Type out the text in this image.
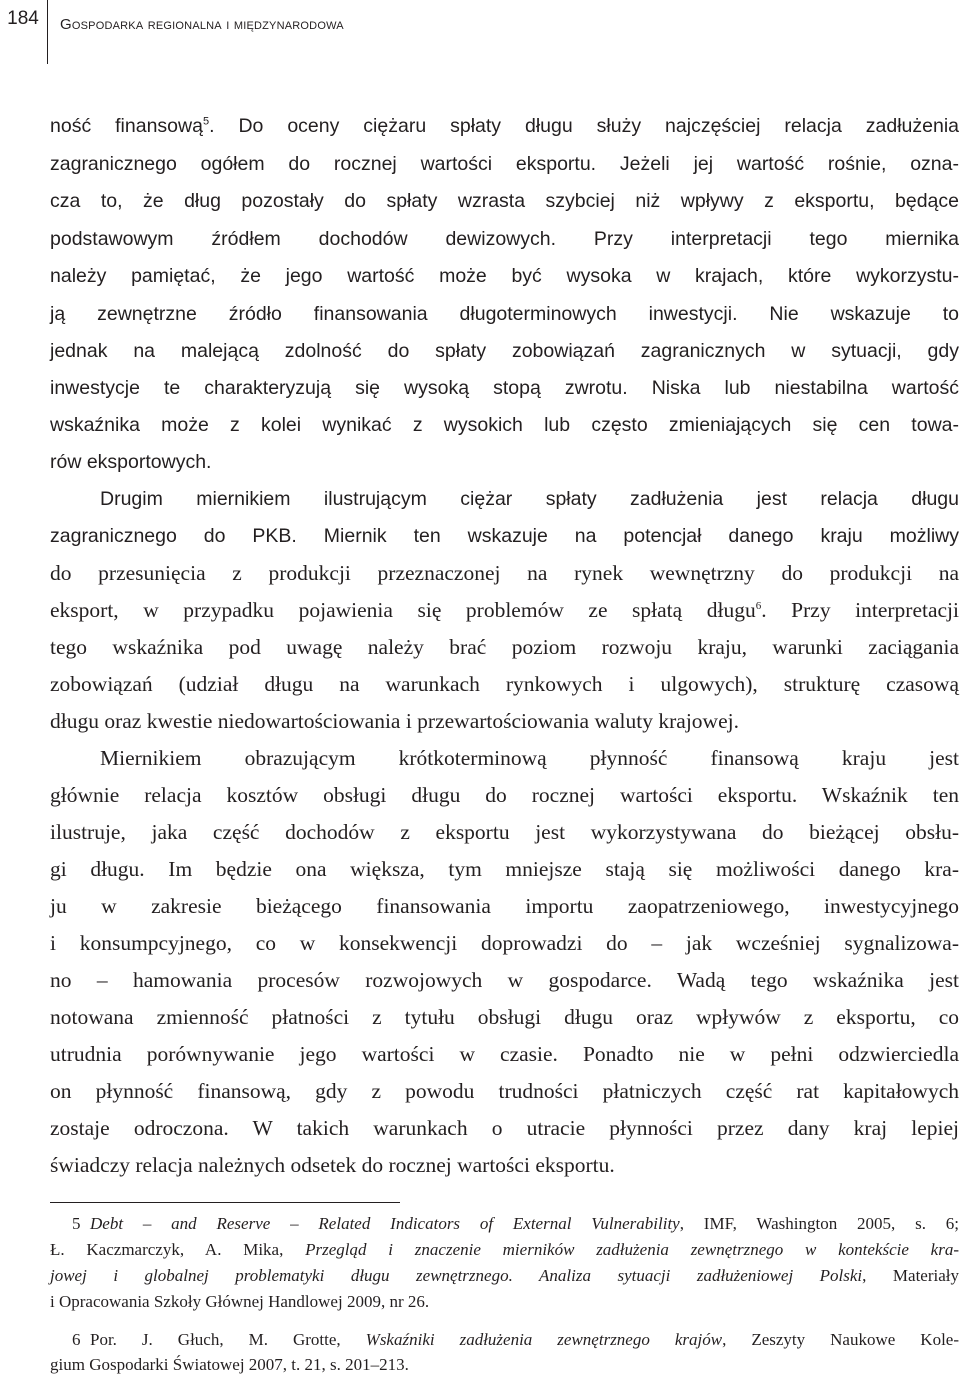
184	Gospodarka regionalna i międzynarodowa
ność finansową$^5$. Do oceny ciężaru spłaty długu służy najczęściej relacja zadłużenia
zagranicznego ogółem do rocznej wartości eksportu. Jeżeli jej wartość rośnie, ozna-
cza to, że dług pozostały do spłaty wzrasta szybciej niż wpływy z eksportu, będące
podstawowym źródłem dochodów dewizowych. Przy interpretacji tego miernika
należy pamiętać, że jego wartość może być wysoka w krajach, które wykorzystu-
ją zewnętrzne źródło finansowania długoterminowych inwestycji. Nie wskazuje to
jednak na malejącą zdolność do spłaty zobowiązań zagranicznych w sytuacji, gdy
inwestycje te charakteryzują się wysoką stopą zwrotu. Niska lub niestabilna wartość
wskaźnika może z kolei wynikać z wysokich lub często zmieniających się cen towa-
rów eksportowych.
Drugim miernikiem ilustrującym ciężar spłaty zadłużenia jest relacja długu
zagranicznego do PKB. Miernik ten wskazuje na potencjał danego kraju możliwy
do przesunięcia z produkcji przeznaczonej na rynek wewnętrzny do produkcji na
eksport, w przypadku pojawienia się problemów ze spłatą długu$^6$. Przy interpretacji
tego wskaźnika pod uwagę należy brać poziom rozwoju kraju, warunki zaciągania
zobowiązań (udział długu na warunkach rynkowych i ulgowych), strukturę czasową
długu oraz kwestie niedowartościowania i przewartościowania waluty krajowej.
Miernikiem obrazującym krótkoterminową płynność finansową kraju jest
głównie relacja kosztów obsługi długu do rocznej wartości eksportu. Wskaźnik ten
ilustruje, jaka część dochodów z eksportu jest wykorzystywana do bieżącej obsłu-
gi długu. Im będzie ona większa, tym mniejsze stają się możliwości danego kra-
ju w zakresie bieżącego finansowania importu zaopatrzeniowego, inwestycyjnego
i konsumpcyjnego, co w konsekwencji doprowadzi do – jak wcześniej sygnalizowa-
no – hamowania procesów rozwojowych w gospodarce. Wadą tego wskaźnika jest
notowana zmienność płatności z tytułu obsługi długu oraz wpływów z eksportu, co
utrudnia porównywanie jego wartości w czasie. Ponadto nie w pełni odzwierciedla
on płynność finansową, gdy z powodu trudności płatniczych część rat kapitałowych
zostaje odroczona. W takich warunkach o utracie płynności przez dany kraj lepiej
świadczy relacja należnych odsetek do rocznej wartości eksportu.
5 Debt – and Reserve – Related Indicators of External Vulnerability, IMF, Washington 2005, s. 6;
Ł. Kaczmarczyk, A. Mika, Przegląd i znaczenie mierników zadłużenia zewnętrznego w kontekście kra-
jowej i globalnej problematyki długu zewnętrznego. Analiza sytuacji zadłużeniowej Polski, Materiały
i Opracowania Szkoły Głównej Handlowej 2009, nr 26.
6 Por. J. Głuch, M. Grotte, Wskaźniki zadłużenia zewnętrznego krajów, Zeszyty Naukowe Kole-
gium Gospodarki Światowej 2007, t. 21, s. 201–213.
